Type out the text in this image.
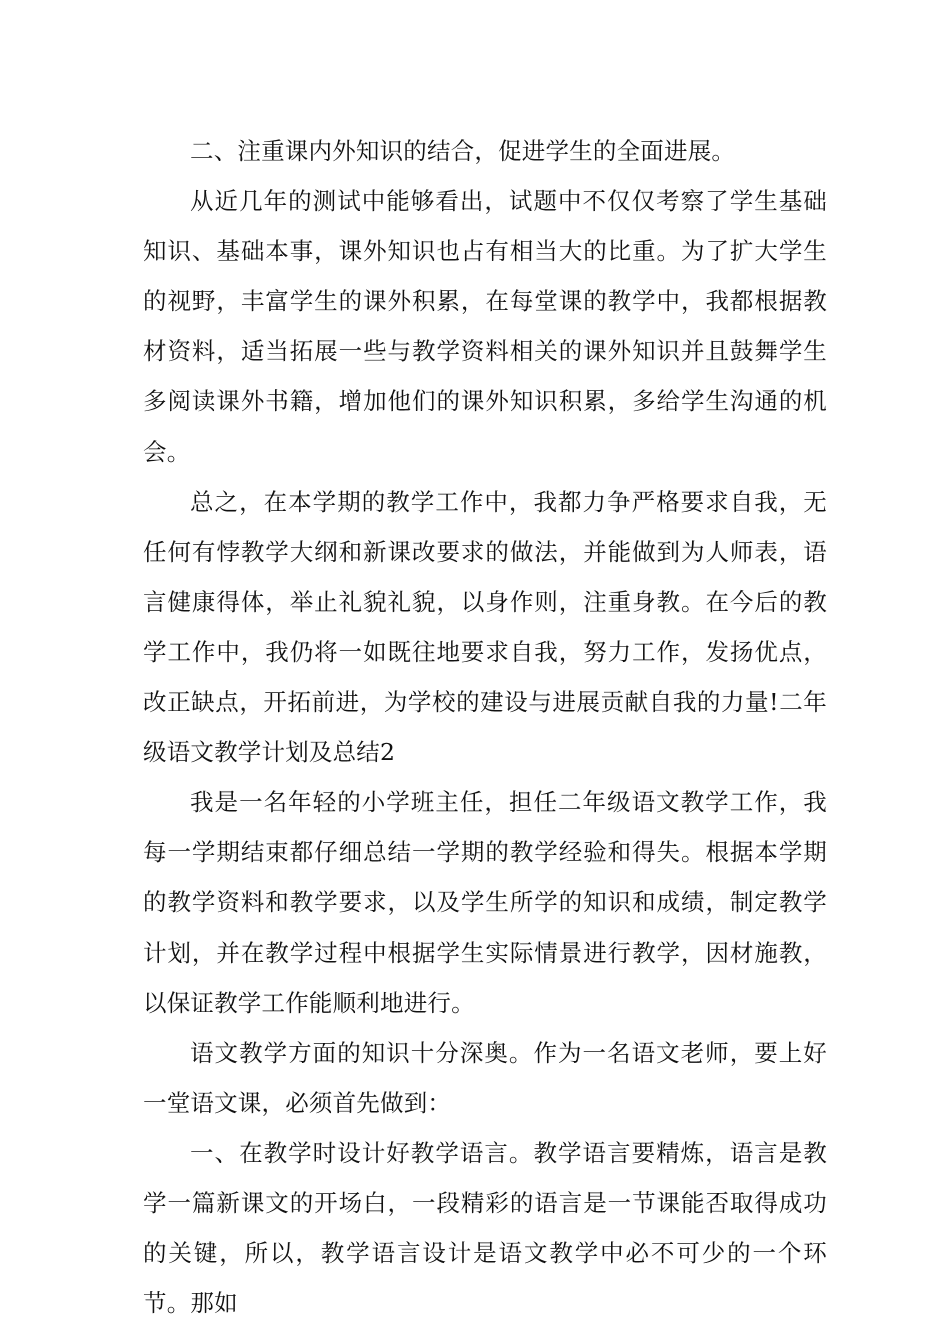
二、注重课内外知识的结合，促进学生的全面进展。

从近几年的测试中能够看出，试题中不仅仅考察了学生基础知识、基础本事，课外知识也占有相当大的比重。为了扩大学生的视野，丰富学生的课外积累，在每堂课的教学中，我都根据教材资料，适当拓展一些与教学资料相关的课外知识并且鼓舞学生多阅读课外书籍，增加他们的课外知识积累，多给学生沟通的机会。

总之，在本学期的教学工作中，我都力争严格要求自我，无任何有悖教学大纲和新课改要求的做法，并能做到为人师表，语言健康得体，举止礼貌礼貌，以身作则，注重身教。在今后的教学工作中，我仍将一如既往地要求自我，努力工作，发扬优点，改正缺点，开拓前进，为学校的建设与进展贡献自我的力量!二年级语文教学计划及总结2

我是一名年轻的小学班主任，担任二年级语文教学工作，我每一学期结束都仔细总结一学期的教学经验和得失。根据本学期的教学资料和教学要求，以及学生所学的知识和成绩，制定教学计划，并在教学过程中根据学生实际情景进行教学，因材施教，以保证教学工作能顺利地进行。

语文教学方面的知识十分深奥。作为一名语文老师，要上好一堂语文课，必须首先做到：

一、在教学时设计好教学语言。教学语言要精炼，语言是教学一篇新课文的开场白，一段精彩的语言是一节课能否取得成功的关键，所以，教学语言设计是语文教学中必不可少的一个环节。那如
